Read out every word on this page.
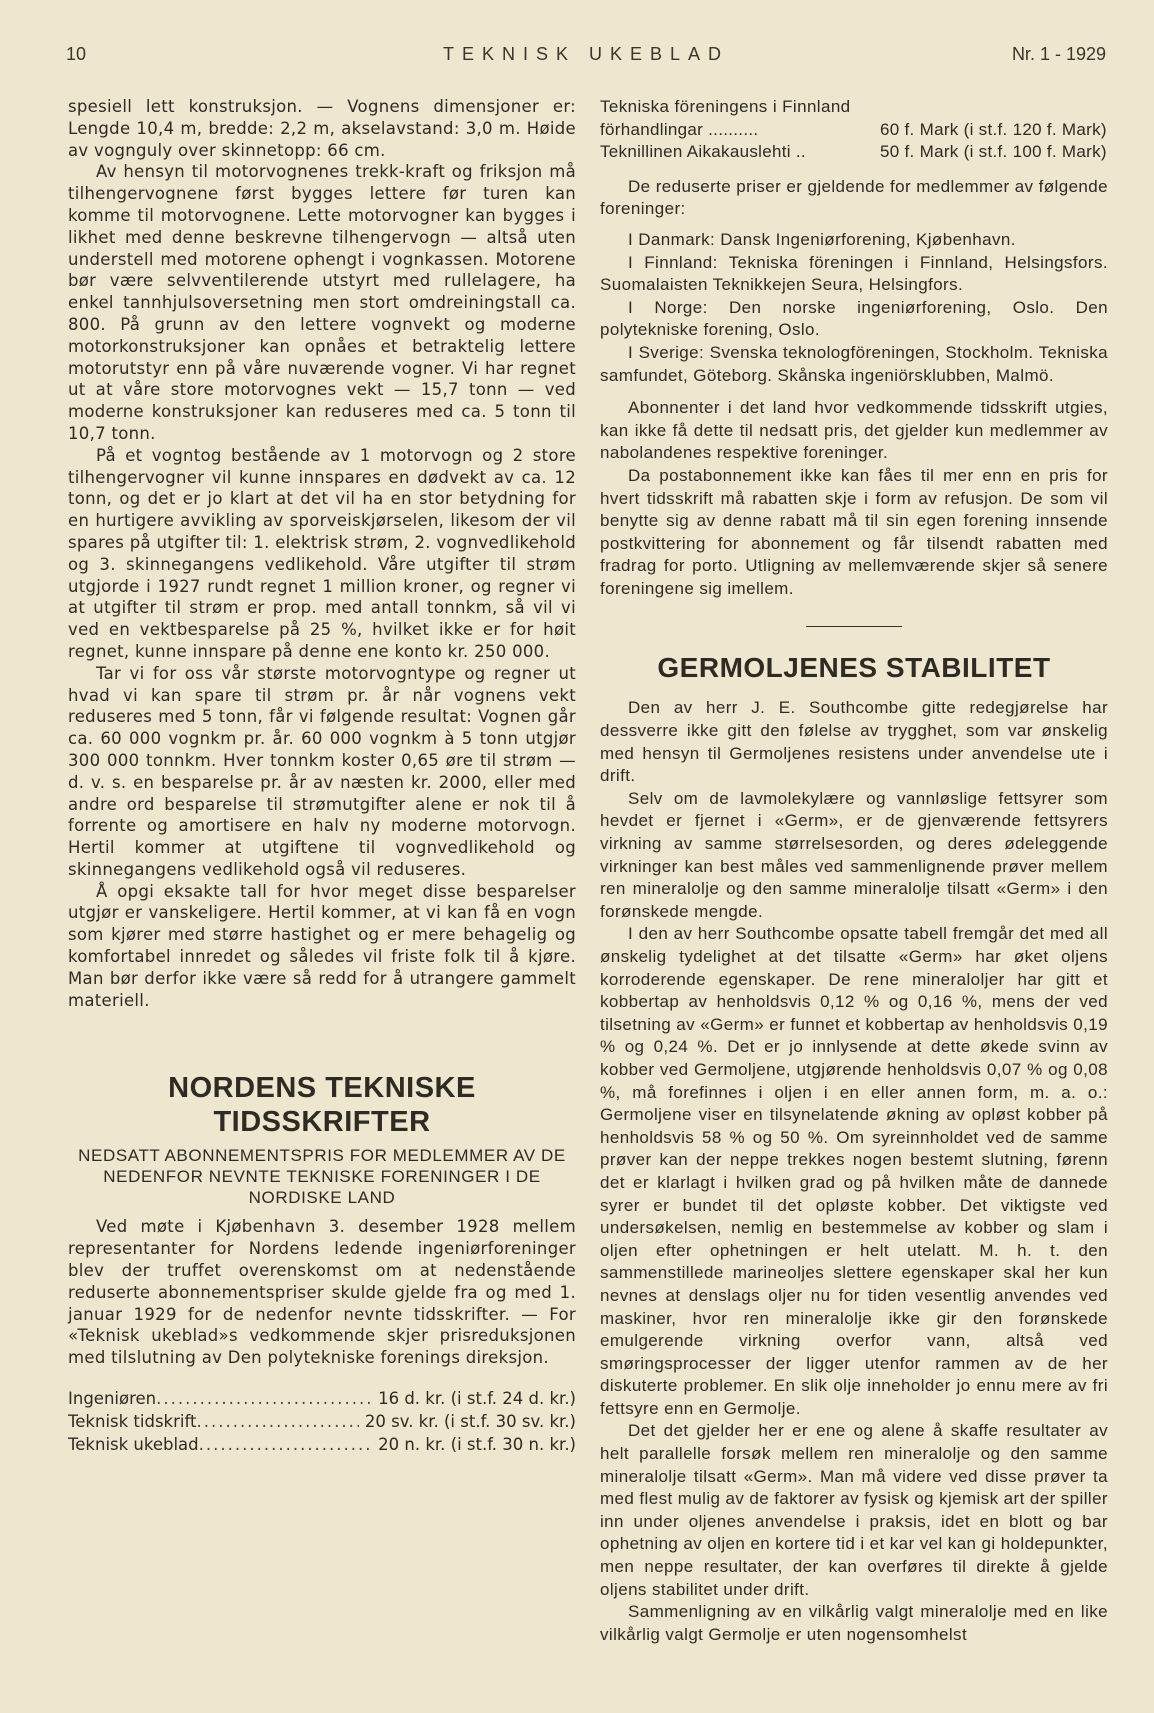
10	TEKNISK UKEBLAD	Nr. 1 - 1929

spesiell lett konstruksjon. — Vognens dimensjoner er: Lengde 10,4 m, bredde: 2,2 m, akselavstand: 3,0 m. Høide av vognguly over skinnetopp: 66 cm.

Av hensyn til motorvognenes trekk-kraft og friksjon må tilhengervognene først bygges lettere før turen kan komme til motorvognene. Lette motorvogner kan bygges i likhet med denne beskrevne tilhengervogn — altså uten understell med motorene ophengt i vognkassen. Motorene bør være selvventilerende utstyrt med rullelagere, ha enkel tannhjulsoversetning men stort omdreiningstall ca. 800. På grunn av den lettere vognvekt og moderne motorkonstruksjoner kan opnåes et betraktelig lettere motorutstyr enn på våre nuværende vogner. Vi har regnet ut at våre store motorvognes vekt — 15,7 tonn — ved moderne konstruksjoner kan reduseres med ca. 5 tonn til 10,7 tonn.

På et vogntog bestående av 1 motorvogn og 2 store tilhengervogner vil kunne innspares en dødvekt av ca. 12 tonn, og det er jo klart at det vil ha en stor betydning for en hurtigere avvikling av sporveiskjørselen, likesom der vil spares på utgifter til: 1. elektrisk strøm, 2. vognvedlikehold og 3. skinnegangens vedlikehold. Våre utgifter til strøm utgjorde i 1927 rundt regnet 1 million kroner, og regner vi at utgifter til strøm er prop. med antall tonnkm, så vil vi ved en vektbesparelse på 25 %, hvilket ikke er for høit regnet, kunne innspare på denne ene konto kr. 250 000.

Tar vi for oss vår største motorvogntype og regner ut hvad vi kan spare til strøm pr. år når vognens vekt reduseres med 5 tonn, får vi følgende resultat: Vognen går ca. 60 000 vognkm pr. år. 60 000 vognkm à 5 tonn utgjør 300 000 tonnkm. Hver tonnkm koster 0,65 øre til strøm — d. v. s. en besparelse pr. år av næsten kr. 2000, eller med andre ord besparelse til strømutgifter alene er nok til å forrente og amortisere en halv ny moderne motorvogn. Hertil kommer at utgiftene til vognvedlikehold og skinnegangens vedlikehold også vil reduseres.

Å opgi eksakte tall for hvor meget disse besparelser utgjør er vanskeligere. Hertil kommer, at vi kan få en vogn som kjører med større hastighet og er mere behagelig og komfortabel innredet og således vil friste folk til å kjøre. Man bør derfor ikke være så redd for å utrangere gammelt materiell.

NORDENS TEKNISKE TIDSSKRIFTER
NEDSATT ABONNEMENTSPRIS FOR MEDLEMMER AV DE NEDENFOR NEVNTE TEKNISKE FORENINGER I DE NORDISKE LAND

Ved møte i Kjøbenhavn 3. desember 1928 mellem representanter for Nordens ledende ingeniørforeninger blev der truffet overenskomst om at nedenstående reduserte abonnementspriser skulde gjelde fra og med 1. januar 1929 for de nedenfor nevnte tidsskrifter. — For «Teknisk ukeblad»s vedkommende skjer prisreduksjonen med tilslutning av Den polytekniske forenings direksjon.

Ingeniøren .....	16 d. kr. (i st.f. 24 d. kr.)
Teknisk tidskrift .....	20 sv. kr. (i st.f. 30 sv. kr.)
Teknisk ukeblad .....	20 n. kr. (i st.f. 30 n. kr.)

Tekniska föreningens i Finnland

förhandlingar ..........	60 f. Mark (i st.f. 120 f. Mark)
Teknillinen Aikakauslehti ..	50 f. Mark (i st.f. 100 f. Mark)

De reduserte priser er gjeldende for medlemmer av følgende foreninger:

I Danmark: Dansk Ingeniørforening, Kjøbenhavn.

I Finnland: Tekniska föreningen i Finnland, Helsingsfors. Suomalaisten Teknikkejen Seura, Helsingfors.

I Norge: Den norske ingeniørforening, Oslo. Den polytekniske forening, Oslo.

I Sverige: Svenska teknologföreningen, Stockholm. Tekniska samfundet, Göteborg. Skånska ingeniörsklubben, Malmö.

Abonnenter i det land hvor vedkommende tidsskrift utgies, kan ikke få dette til nedsatt pris, det gjelder kun medlemmer av nabolandenes respektive foreninger.

Da postabonnement ikke kan fåes til mer enn en pris for hvert tidsskrift må rabatten skje i form av refusjon. De som vil benytte sig av denne rabatt må til sin egen forening innsende postkvittering for abonnement og får tilsendt rabatten med fradrag for porto. Utligning av mellemværende skjer så senere foreningene sig imellem.

GERMOLJENES STABILITET

Den av herr J. E. Southcombe gitte redegjørelse har dessverre ikke gitt den følelse av trygghet, som var ønskelig med hensyn til Germoljenes resistens under anvendelse ute i drift.

Selv om de lavmolekylære og vannløslige fettsyrer som hevdet er fjernet i «Germ», er de gjenværende fettsyrers virkning av samme størrelsesorden, og deres ødeleggende virkninger kan best måles ved sammenlignende prøver mellem ren mineralolje og den samme mineralolje tilsatt «Germ» i den forønskede mengde.

I den av herr Southcombe opsatte tabell fremgår det med all ønskelig tydelighet at det tilsatte «Germ» har øket oljens korroderende egenskaper. De rene mineraloljer har gitt et kobbertap av henholdsvis 0,12 % og 0,16 %, mens der ved tilsetning av «Germ» er funnet et kobbertap av henholdsvis 0,19 % og 0,24 %. Det er jo innlysende at dette økede svinn av kobber ved Germoljene, utgjørende henholdsvis 0,07 % og 0,08 %, må forefinnes i oljen i en eller annen form, m. a. o.: Germoljene viser en tilsynelatende økning av opløst kobber på henholdsvis 58 % og 50 %. Om syreinnholdet ved de samme prøver kan der neppe trekkes nogen bestemt slutning, førenn det er klarlagt i hvilken grad og på hvilken måte de dannede syrer er bundet til det opløste kobber. Det viktigste ved undersøkelsen, nemlig en bestemmelse av kobber og slam i oljen efter ophetningen er helt utelatt. M. h. t. den sammenstillede marineoljes slettere egenskaper skal her kun nevnes at denslags oljer nu for tiden vesentlig anvendes ved maskiner, hvor ren mineralolje ikke gir den forønskede emulgerende virkning overfor vann, altså ved smøringsprocesser der ligger utenfor rammen av de her diskuterte problemer. En slik olje inneholder jo ennu mere av fri fettsyre enn en Germolje.

Det det gjelder her er ene og alene å skaffe resultater av helt parallelle forsøk mellem ren mineralolje og den samme mineralolje tilsatt «Germ». Man må videre ved disse prøver ta med flest mulig av de faktorer av fysisk og kjemisk art der spiller inn under oljenes anvendelse i praksis, idet en blott og bar ophetning av oljen en kortere tid i et kar vel kan gi holdepunkter, men neppe resultater, der kan overføres til direkte å gjelde oljens stabilitet under drift.

Sammenligning av en vilkårlig valgt mineralolje med en like vilkårlig valgt Germolje er uten nogensomhelst
